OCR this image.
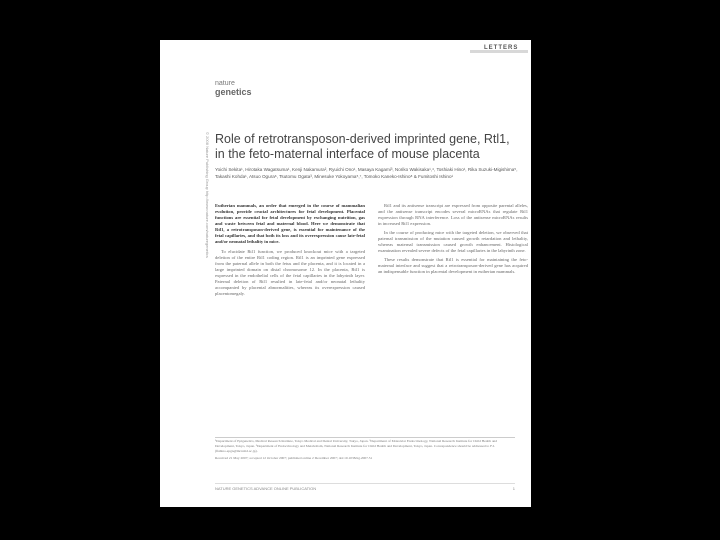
LETTERS
nature
genetics
© 2008 Nature Publishing Group http://www.nature.com/naturegenetics Role of retrotransposon-derived imprinted gene, Rtl1, in the feto-maternal interface of mouse placenta
Yoichi Sekita¹, Hirotaka Wagatsuma¹, Kenji Nakamura², Ryuichi Ono¹, Masaya Kagami³, Noriko Wakisaka¹,⁴, Toshiaki Hino¹, Rika Suzuki-Migishima⁵, Takashi Kohda¹, Atsuo Ogura⁶, Tsutomu Ogata³, Minesuke Yokoyama⁵,⁷, Tomoko Kaneko-Ishino⁸ & Fumitoshi Ishino¹
Eutherian mammals, an order that emerged in the course of mammalian evolution, provide crucial architectures for fetal development. Placental functions are essential for fetal development by exchanging nutrition, gas and waste between fetal and maternal blood. Here we demonstrate that Rtl1, a retrotransposon-derived gene, is essential for maintenance of the fetal capillaries, and that both its loss and its overexpression cause late-fetal and/or neonatal lethality in mice.
To elucidate Rtl1 function, we produced knockout mice with a targeted deletion of the entire Rtl1 coding region. Rtl1 is an imprinted gene expressed from the paternal allele in both the fetus and the placenta, and it is located in a large imprinted domain on distal chromosome 12. In the placenta, Rtl1 is expressed in the endothelial cells of the fetal capillaries in the labyrinth layer. Paternal deletion of Rtl1 resulted in late-fetal and/or neonatal lethality accompanied by placental abnormalities, whereas its overexpression caused placentomegaly.

Rtl1 and its antisense transcript are expressed from opposite parental alleles, and the antisense transcript encodes several microRNAs that regulate Rtl1 expression through RNA interference. Loss of the antisense microRNAs results in increased Rtl1 expression.

In the course of producing mice with the targeted deletion, we observed that paternal transmission of the mutation caused growth retardation and lethality, whereas maternal transmission caused growth enhancement. Histological examination revealed severe defects of the fetal capillaries in the labyrinth zone.

These results demonstrate that Rtl1 is essential for maintaining the feto-maternal interface and suggest that a retrotransposon-derived gene has acquired an indispensable function in placental development in eutherian mammals.

¹Department of Epigenetics, Medical Research Institute, Tokyo Medical and Dental University, Tokyo, Japan. ²Department of Molecular Endocrinology, National Research Institute for Child Health and Development, Tokyo, Japan. ³Department of Endocrinology and Metabolism, National Research Institute for Child Health and Development, Tokyo, Japan. Correspondence should be addressed to F.I. (fishino.epgn@mri.tmd.ac.jp).
Received 21 May 2007; accepted 12 October 2007; published online 2 December 2007; doi:10.1038/ng.2007.51
NATURE GENETICS ADVANCE ONLINE PUBLICATION	1
